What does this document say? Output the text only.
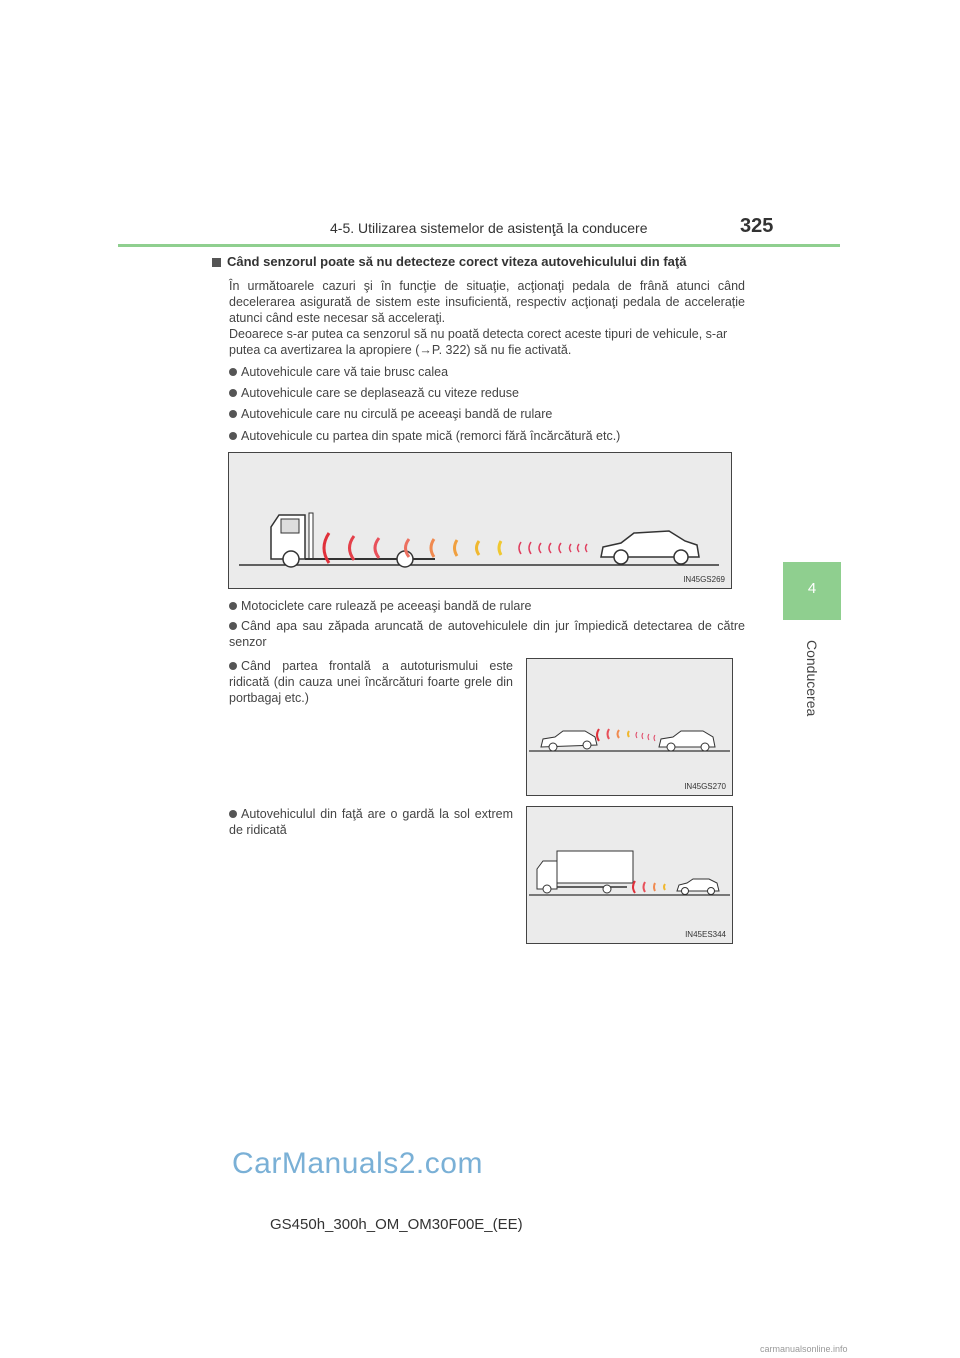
4-5. Utilizarea sistemelor de asistenţă la conducere	325
4
Conducerea
Când senzorul poate să nu detecteze corect viteza autovehiculului din faţă
În următoarele cazuri şi în funcţie de situaţie, acţionaţi pedala de frână atunci când decelerarea asigurată de sistem este insuficientă, respectiv acţionaţi pedala de accelerație atunci când este necesar să acceleraţi.
Deoarece s-ar putea ca senzorul să nu poată detecta corect aceste tipuri de vehicule, s-ar putea ca avertizarea la apropiere (→P. 322) să nu fie activată.
Autovehicule care vă taie brusc calea
Autovehicule care se deplasează cu viteze reduse
Autovehicule care nu circulă pe aceeaşi bandă de rulare
Autovehicule cu partea din spate mică (remorci fără încărcătură etc.)
IN45GS269
Motociclete care rulează pe aceeaşi bandă de rulare
Când apa sau zăpada aruncată de autovehiculele din jur împiedică detectarea de către senzor
Când partea frontală a autoturismului este ridicată (din cauza unei încărcături foarte grele din portbagaj etc.)
IN45GS270
Autovehiculul din faţă are o gardă la sol extrem de ridicată
IN45ES344
CarManuals2.com
GS450h_300h_OM_OM30F00E_(EE)
carmanualsonline.info
